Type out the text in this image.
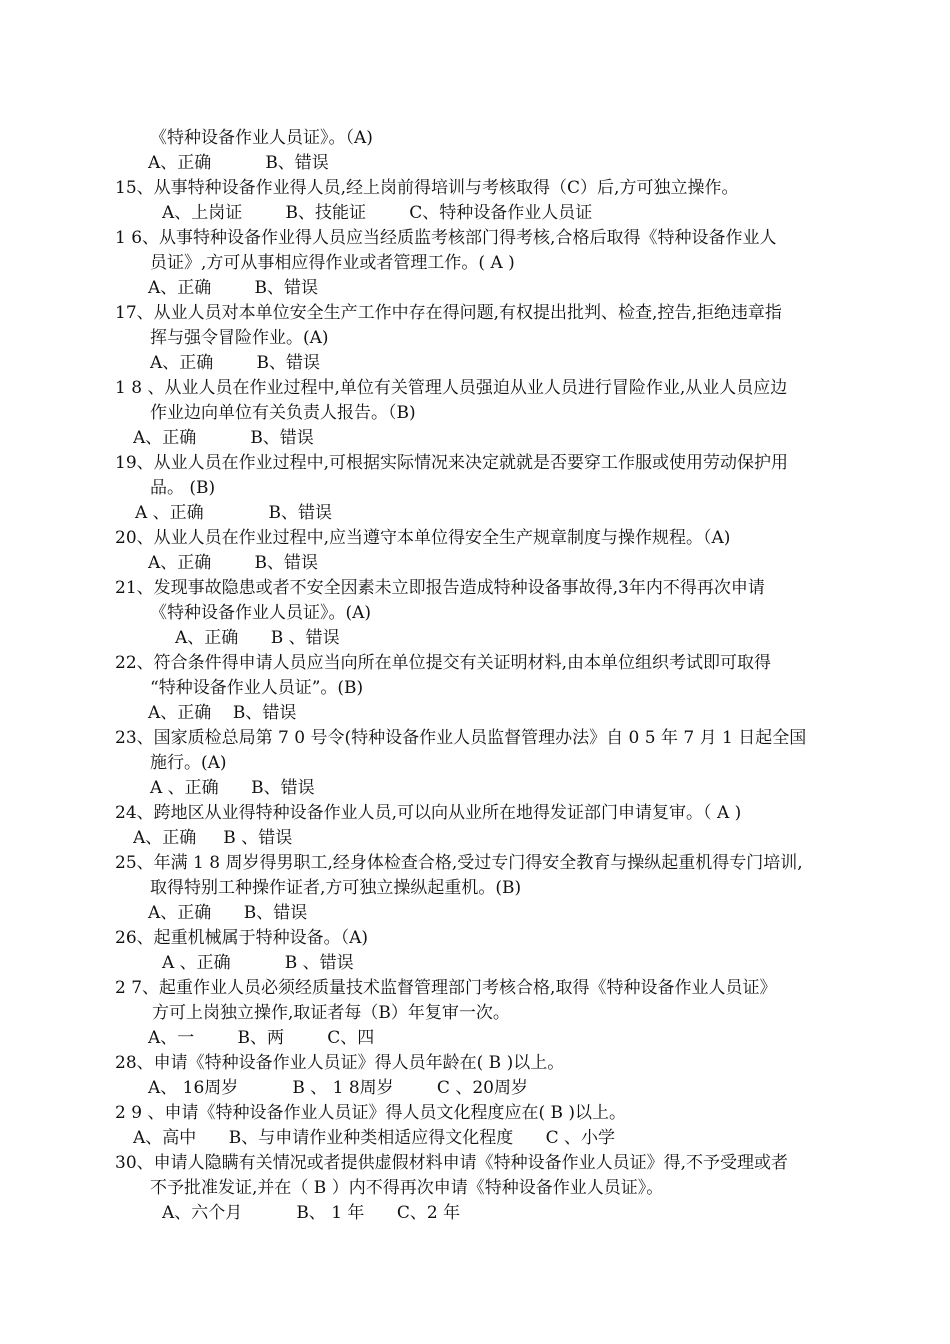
《特种设备作业人员证》。（A)
A、正确          B、错误
15、从事特种设备作业得人员,经上岗前得培训与考核取得（C）后,方可独立操作。
A、上岗证        B、技能证        C、特种设备作业人员证
1 6、从事特种设备作业得人员应当经质监考核部门得考核,合格后取得《特种设备作业人
员证》,方可从事相应得作业或者管理工作。( A )
A、正确        B、错误
17、从业人员对本单位安全生产工作中存在得问题,有权提出批判、检查,控告,拒绝违章指
挥与强令冒险作业。(A)
A、正确        B、错误
1 8 、从业人员在作业过程中,单位有关管理人员强迫从业人员进行冒险作业,从业人员应边
作业边向单位有关负责人报告。（B)
A、正确          B、错误
19、从业人员在作业过程中,可根据实际情况来决定就就是否要穿工作服或使用劳动保护用
品。 (B)
A 、正确            B、错误
20、从业人员在作业过程中,应当遵守本单位得安全生产规章制度与操作规程。（A)
A、正确        B、错误
21、发现事故隐患或者不安全因素未立即报告造成特种设备事故得,3年内不得再次申请
《特种设备作业人员证》。(A)
A、正确      B 、错误
22、符合条件得申请人员应当向所在单位提交有关证明材料,由本单位组织考试即可取得
“特种设备作业人员证”。(B)
A、正确    B、错误
23、国家质检总局第 7 0 号令(特种设备作业人员监督管理办法》自 0 5 年 7 月 1 日起全国
施行。(A)
A 、正确      B、错误
24、跨地区从业得特种设备作业人员,可以向从业所在地得发证部门申请复审。（ A )
A、正确     B 、错误
25、年满 1 8 周岁得男职工,经身体检查合格,受过专门得安全教育与操纵起重机得专门培训,
取得特别工种操作证者,方可独立操纵起重机。(B)
A、正确      B、错误
26、起重机械属于特种设备。（A)
A 、正确          B 、错误
2 7、起重作业人员必须经质量技术监督管理部门考核合格,取得《特种设备作业人员证》
方可上岗独立操作,取证者每（B）年复审一次。
A、一        B、两        C、四
28、申请《特种设备作业人员证》得人员年龄在( B )以上。
A、 16周岁          B 、 1 8周岁        C 、20周岁
2 9 、申请《特种设备作业人员证》得人员文化程度应在( B )以上。
A、高中      B、与申请作业种类相适应得文化程度      C 、小学
30、申请人隐瞒有关情况或者提供虚假材料申请《特种设备作业人员证》得,不予受理或者
不予批准发证,并在（ B ）内不得再次申请《特种设备作业人员证》。
A、六个月          B、 1 年      C、2 年
